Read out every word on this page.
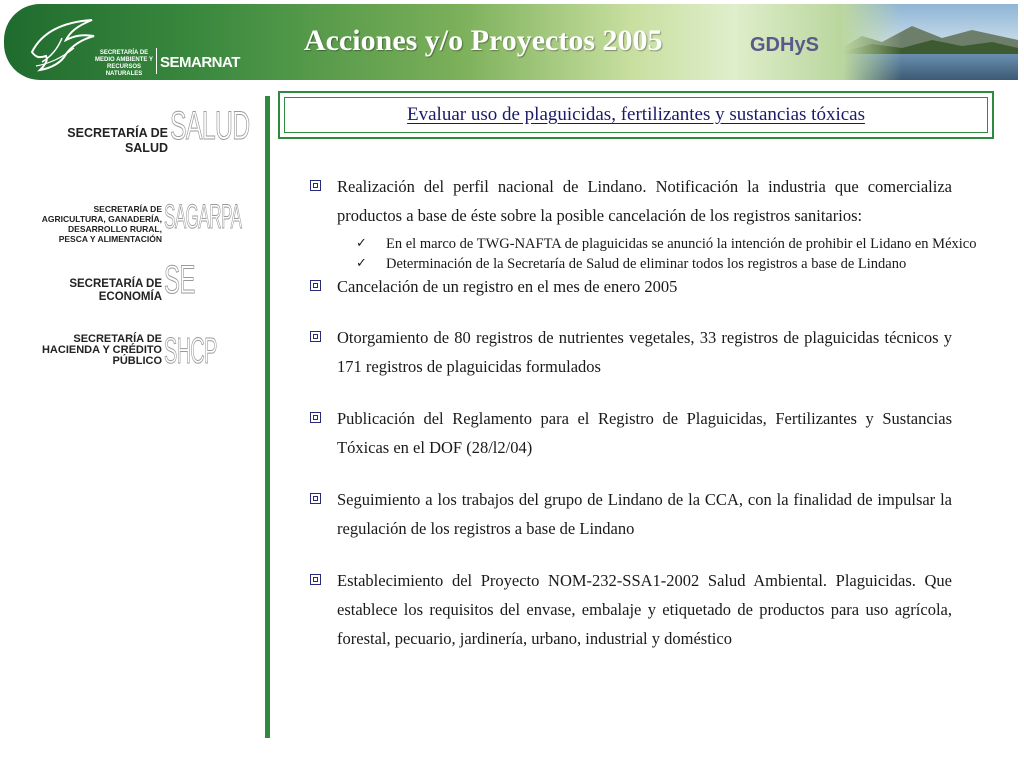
SECRETARÍA DE MEDIO AMBIENTE Y RECURSOS NATURALES
SEMARNAT
Acciones y/o Proyectos 2005	GDHyS
SECRETARÍA DE
SALUD SALUD
SECRETARÍA DE
AGRICULTURA, GANADERÍA,
DESARROLLO RURAL,
PESCA Y ALIMENTACIÓN
SAGARPA
SECRETARÍA DE
ECONOMÍA SE
SECRETARÍA DE
HACIENDA Y CRÉDITO
PÚBLICO SHCP
Evaluar uso de plaguicidas, fertilizantes y sustancias tóxicas
Realización del perfil nacional de Lindano. Notificación la industria que comercializa productos a base de éste sobre la posible cancelación de los registros sanitarios:
✓ En el marco de TWG-NAFTA de plaguicidas se anunció la intención de prohibir el Lidano en México
✓ Determinación de la Secretaría de Salud de eliminar todos los registros a base de Lindano
Cancelación de un registro en el mes de enero 2005
Otorgamiento de 80 registros de nutrientes vegetales, 33 registros de plaguicidas técnicos y 171 registros de plaguicidas formulados
Publicación del Reglamento para el Registro de Plaguicidas, Fertilizantes y Sustancias Tóxicas en el DOF (28/l2/04)
Seguimiento a los trabajos del grupo de Lindano de la CCA, con la finalidad de impulsar la regulación de los registros a base de Lindano
Establecimiento del Proyecto NOM-232-SSA1-2002 Salud Ambiental. Plaguicidas. Que establece los requisitos del envase, embalaje y etiquetado de productos para uso agrícola, forestal, pecuario, jardinería, urbano, industrial y doméstico
